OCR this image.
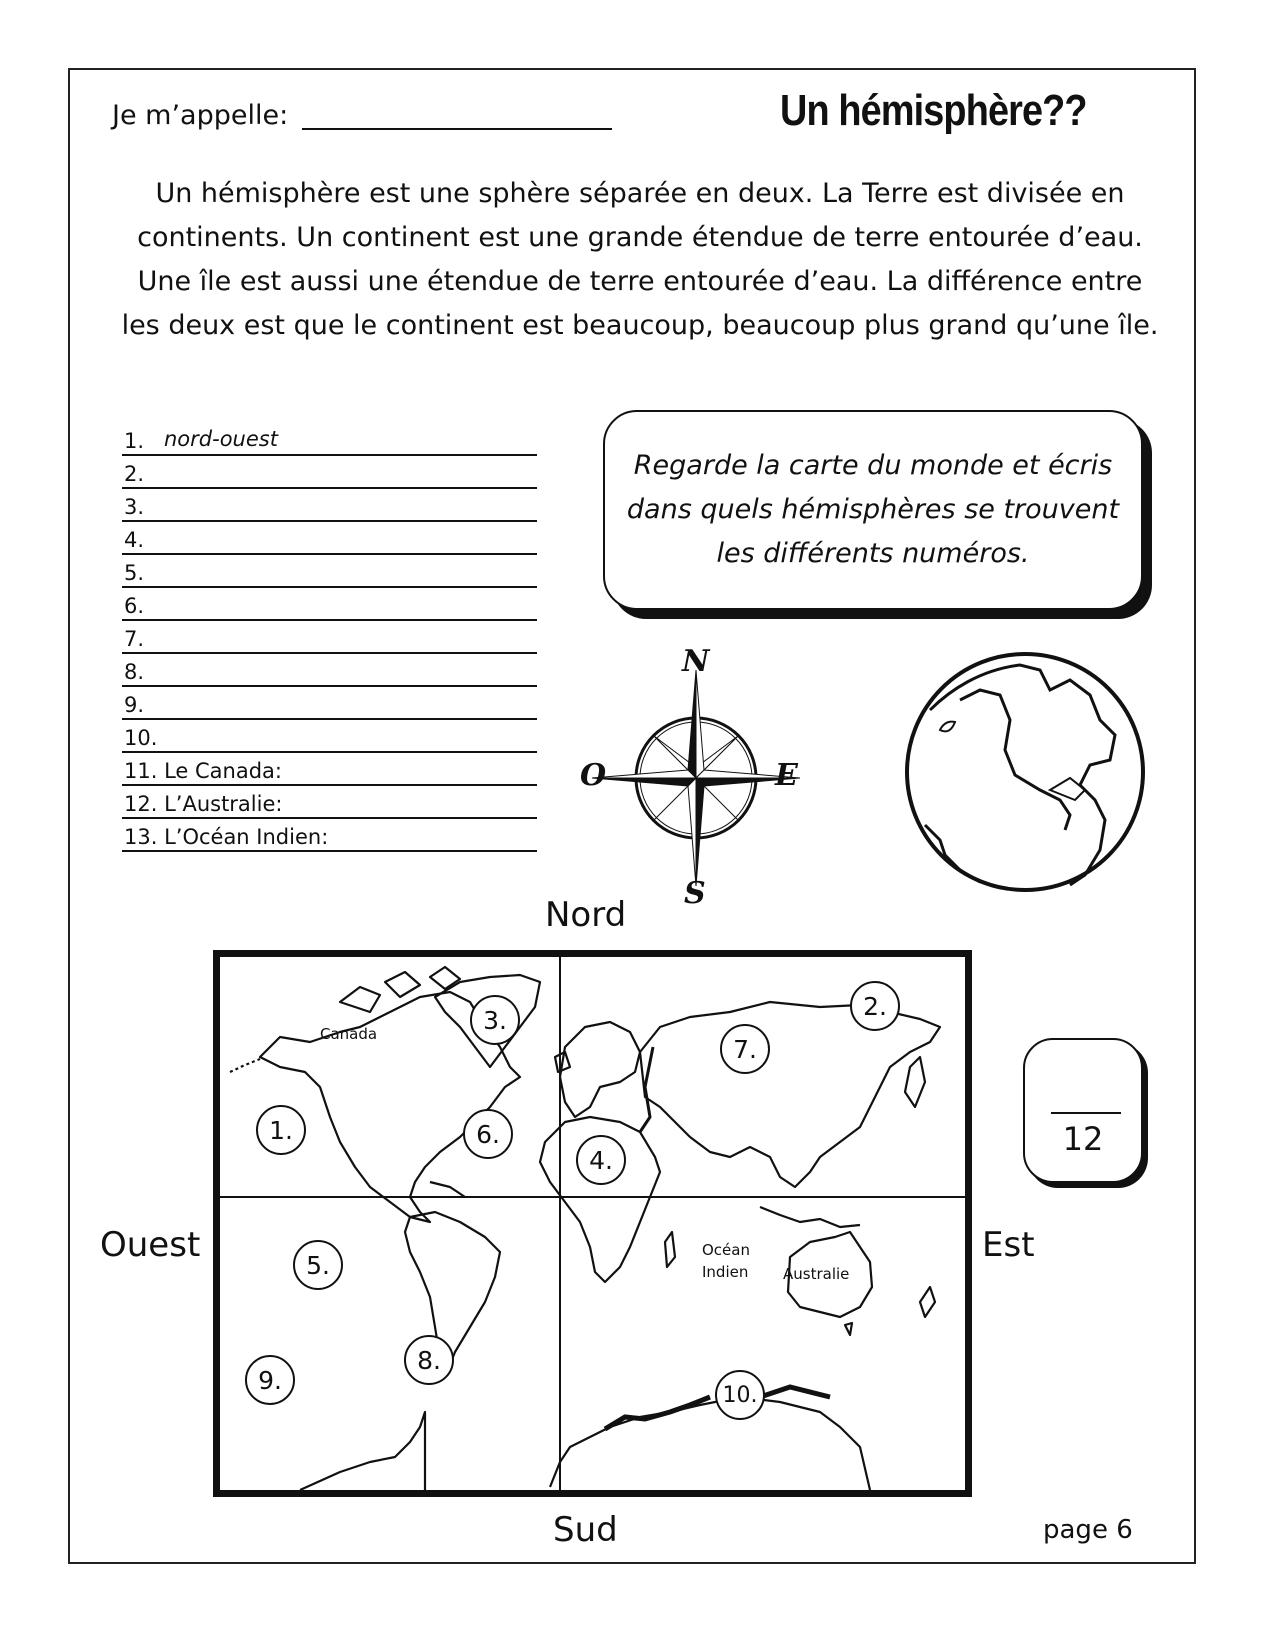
Je m’appelle:	Un hémisphère??
Un hémisphère est une sphère séparée en deux. La Terre est divisée en continents. Un continent est une grande étendue de terre entourée d’eau. Une île est aussi une étendue de terre entourée d’eau. La différence entre les deux est que le continent est beaucoup, beaucoup plus grand qu’une île.
1. nord-ouest
2.
3.
4.
5.
6.
7.
8.
9.
10.
11. Le Canada:
12. L’Australie:
13. L’Océan Indien:
Regarde la carte du monde et écris dans quels hémisphères se trouvent les différents numéros.
N
S
E
O
Nord
Sud
Ouest	Est
1.
2.
3.
4.
5.
6.
7.
8.
9.
10.
Canada
Océan
Indien Australie
12
page 6
